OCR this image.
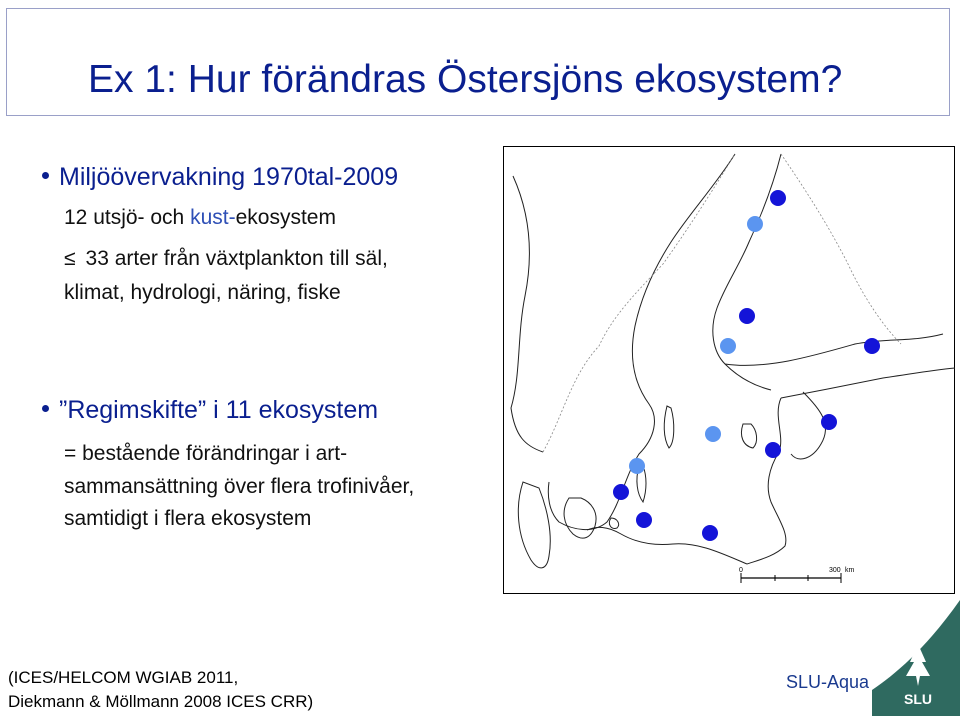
Ex 1: Hur förändras Östersjöns ekosystem?
Miljöövervakning 1970tal-2009
12 utsjö- och kust-ekosystem
≤ 33 arter från växtplankton till säl,
klimat, hydrologi, näring, fiske
”Regimskifte” i 11 ekosystem
= bestående förändringar i art-
sammansättning över flera trofinivåer,
samtidigt i flera ekosystem
0	300 km
(ICES/HELCOM WGIAB 2011,
Diekmann & Möllmann 2008 ICES CRR)
SLU-Aqua
SLU
